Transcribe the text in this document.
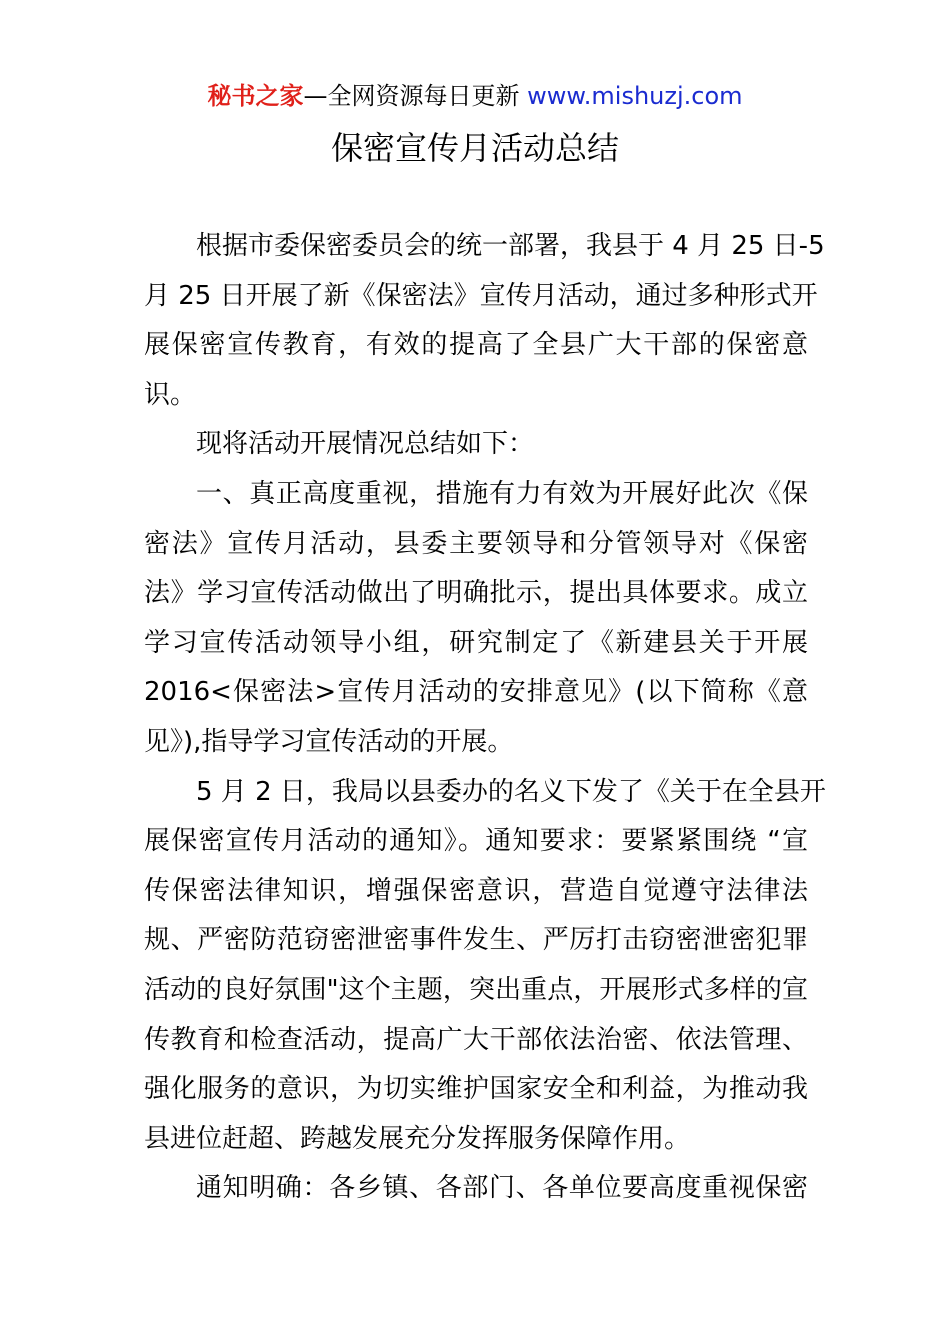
秘书之家—全网资源每日更新 www.mishuzj.com
保密宣传月活动总结
根据市委保密委员会的统一部署，我县于 4 月 25 日-5
月 25 日开展了新《保密法》宣传月活动，通过多种形式开
展保密宣传教育，有效的提高了全县广大干部的保密意
识。
现将活动开展情况总结如下：
一、真正高度重视，措施有力有效为开展好此次《保
密法》宣传月活动，县委主要领导和分管领导对《保密
法》学习宣传活动做出了明确批示，提出具体要求。成立
学习宣传活动领导小组，研究制定了《新建县关于开展
2016<保密法>宣传月活动的安排意见》(以下简称《意
见》),指导学习宣传活动的开展。
5 月 2 日，我局以县委办的名义下发了《关于在全县开
展保密宣传月活动的通知》。通知要求：要紧紧围绕 “宣
传保密法律知识，增强保密意识，营造自觉遵守法律法
规、严密防范窃密泄密事件发生、严厉打击窃密泄密犯罪
活动的良好氛围"这个主题，突出重点，开展形式多样的宣
传教育和检查活动，提高广大干部依法治密、依法管理、
强化服务的意识，为切实维护国家安全和利益，为推动我
县进位赶超、跨越发展充分发挥服务保障作用。
通知明确：各乡镇、各部门、各单位要高度重视保密
